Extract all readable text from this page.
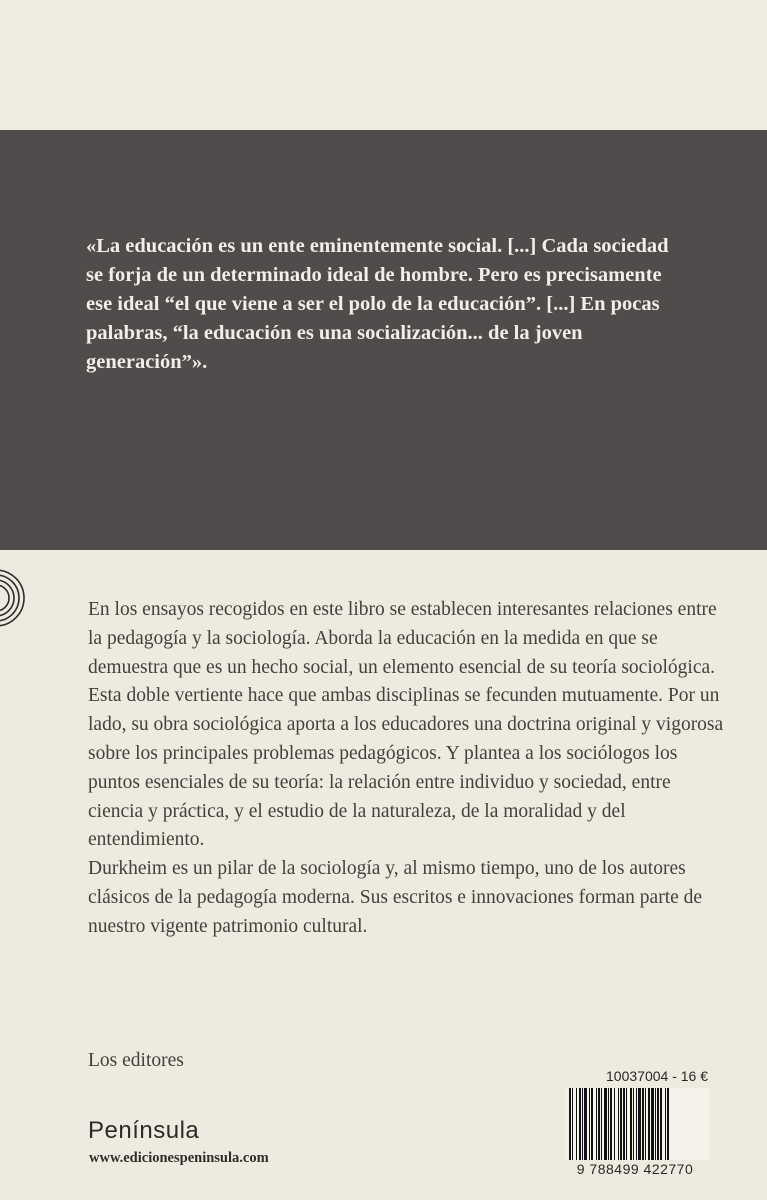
«La educación es un ente eminentemente social. [...] Cada sociedad se forja de un determinado ideal de hombre. Pero es precisamente ese ideal “el que viene a ser el polo de la educación”. [...] En pocas palabras, “la educación es una socialización... de la joven generación”».

En los ensayos recogidos en este libro se establecen interesantes relaciones entre la pedagogía y la sociología. Aborda la educación en la medida en que se demuestra que es un hecho social, un elemento esencial de su teoría sociológica. Esta doble vertiente hace que ambas disciplinas se fecunden mutuamente. Por un lado, su obra sociológica aporta a los educadores una doctrina original y vigorosa sobre los principales problemas pedagógicos. Y plantea a los sociólogos los puntos esenciales de su teoría: la relación entre individuo y sociedad, entre ciencia y práctica, y el estudio de la naturaleza, de la moralidad y del entendimiento.

Durkheim es un pilar de la sociología y, al mismo tiempo, uno de los autores clásicos de la pedagogía moderna. Sus escritos e innovaciones forman parte de nuestro vigente patrimonio cultural.

Los editores
Península
www.edicionespeninsula.com
10037004 - 16 €
9 788499 422770
